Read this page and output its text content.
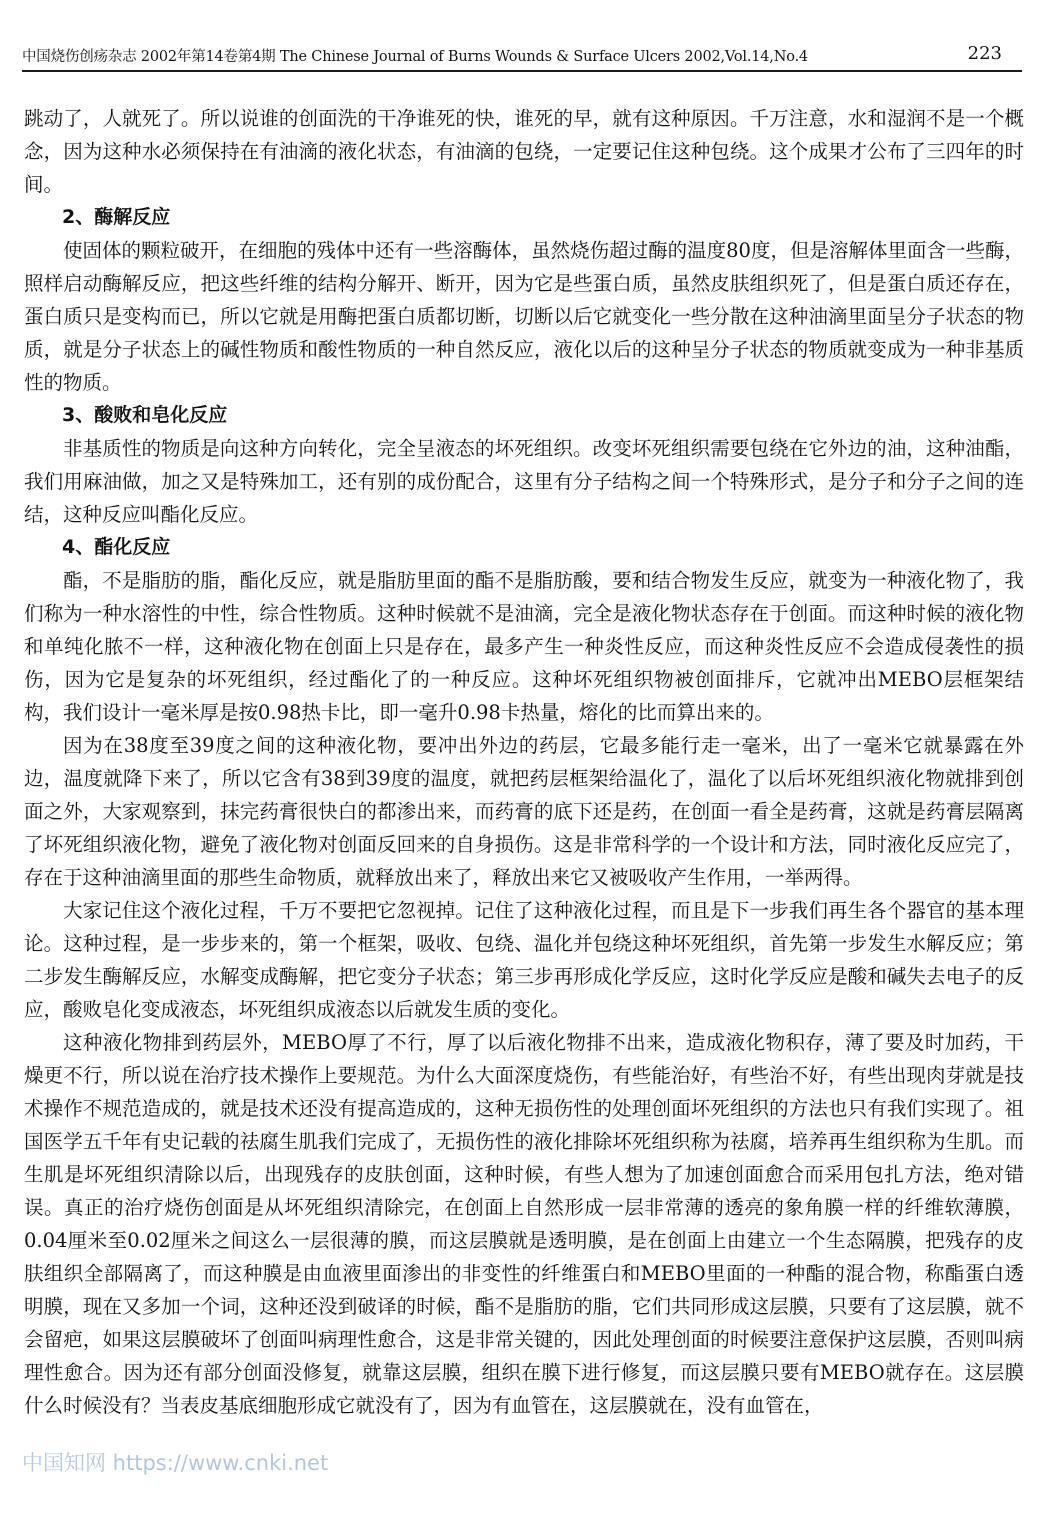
中国烧伤创疡杂志 2002年第14卷第4期 The Chinese Journal of Burns Wounds & Surface Ulcers 2002,Vol.14,No.4	223

跳动了，人就死了。所以说谁的创面洗的干净谁死的快，谁死的早，就有这种原因。千万注意，水和湿润不是一个概念，因为这种水必须保持在有油滴的液化状态，有油滴的包绕，一定要记住这种包绕。这个成果才公布了三四年的时间。

2、酶解反应

使固体的颗粒破开，在细胞的残体中还有一些溶酶体，虽然烧伤超过酶的温度80度，但是溶解体里面含一些酶，照样启动酶解反应，把这些纤维的结构分解开、断开，因为它是些蛋白质，虽然皮肤组织死了，但是蛋白质还存在，蛋白质只是变构而已，所以它就是用酶把蛋白质都切断，切断以后它就变化一些分散在这种油滴里面呈分子状态的物质，就是分子状态上的碱性物质和酸性物质的一种自然反应，液化以后的这种呈分子状态的物质就变成为一种非基质性的物质。

3、酸败和皂化反应

非基质性的物质是向这种方向转化，完全呈液态的坏死组织。改变坏死组织需要包绕在它外边的油，这种油酯，我们用麻油做，加之又是特殊加工，还有别的成份配合，这里有分子结构之间一个特殊形式，是分子和分子之间的连结，这种反应叫酯化反应。

4、酯化反应

酯，不是脂肪的脂，酯化反应，就是脂肪里面的酯不是脂肪酸，要和结合物发生反应，就变为一种液化物了，我们称为一种水溶性的中性，综合性物质。这种时候就不是油滴，完全是液化物状态存在于创面。而这种时候的液化物和单纯化脓不一样，这种液化物在创面上只是存在，最多产生一种炎性反应，而这种炎性反应不会造成侵袭性的损伤，因为它是复杂的坏死组织，经过酯化了的一种反应。这种坏死组织物被创面排斥，它就冲出MEBO层框架结构，我们设计一毫米厚是按0.98热卡比，即一毫升0.98卡热量，熔化的比而算出来的。

因为在38度至39度之间的这种液化物，要冲出外边的药层，它最多能行走一毫米，出了一毫米它就暴露在外边，温度就降下来了，所以它含有38到39度的温度，就把药层框架给温化了，温化了以后坏死组织液化物就排到创面之外，大家观察到，抹完药膏很快白的都渗出来，而药膏的底下还是药，在创面一看全是药膏，这就是药膏层隔离了坏死组织液化物，避免了液化物对创面反回来的自身损伤。这是非常科学的一个设计和方法，同时液化反应完了，存在于这种油滴里面的那些生命物质，就释放出来了，释放出来它又被吸收产生作用，一举两得。

大家记住这个液化过程，千万不要把它忽视掉。记住了这种液化过程，而且是下一步我们再生各个器官的基本理论。这种过程，是一步步来的，第一个框架，吸收、包绕、温化并包绕这种坏死组织，首先第一步发生水解反应；第二步发生酶解反应，水解变成酶解，把它变分子状态；第三步再形成化学反应，这时化学反应是酸和碱失去电子的反应，酸败皂化变成液态，坏死组织成液态以后就发生质的变化。

这种液化物排到药层外，MEBO厚了不行，厚了以后液化物排不出来，造成液化物积存，薄了要及时加药，干燥更不行，所以说在治疗技术操作上要规范。为什么大面深度烧伤，有些能治好，有些治不好，有些出现肉芽就是技术操作不规范造成的，就是技术还没有提高造成的，这种无损伤性的处理创面坏死组织的方法也只有我们实现了。祖国医学五千年有史记载的祛腐生肌我们完成了，无损伤性的液化排除坏死组织称为祛腐，培养再生组织称为生肌。而生肌是坏死组织清除以后，出现残存的皮肤创面，这种时候，有些人想为了加速创面愈合而采用包扎方法，绝对错误。真正的治疗烧伤创面是从坏死组织清除完，在创面上自然形成一层非常薄的透亮的象角膜一样的纤维软薄膜，0.04厘米至0.02厘米之间这么一层很薄的膜，而这层膜就是透明膜，是在创面上由建立一个生态隔膜，把残存的皮肤组织全部隔离了，而这种膜是由血液里面渗出的非变性的纤维蛋白和MEBO里面的一种酯的混合物，称酯蛋白透明膜，现在又多加一个词，这种还没到破译的时候，酯不是脂肪的脂，它们共同形成这层膜，只要有了这层膜，就不会留疤，如果这层膜破坏了创面叫病理性愈合，这是非常关键的，因此处理创面的时候要注意保护这层膜，否则叫病理性愈合。因为还有部分创面没修复，就靠这层膜，组织在膜下进行修复，而这层膜只要有MEBO就存在。这层膜什么时候没有？当表皮基底细胞形成它就没有了，因为有血管在，这层膜就在，没有血管在，

中国知网 https://www.cnki.net
